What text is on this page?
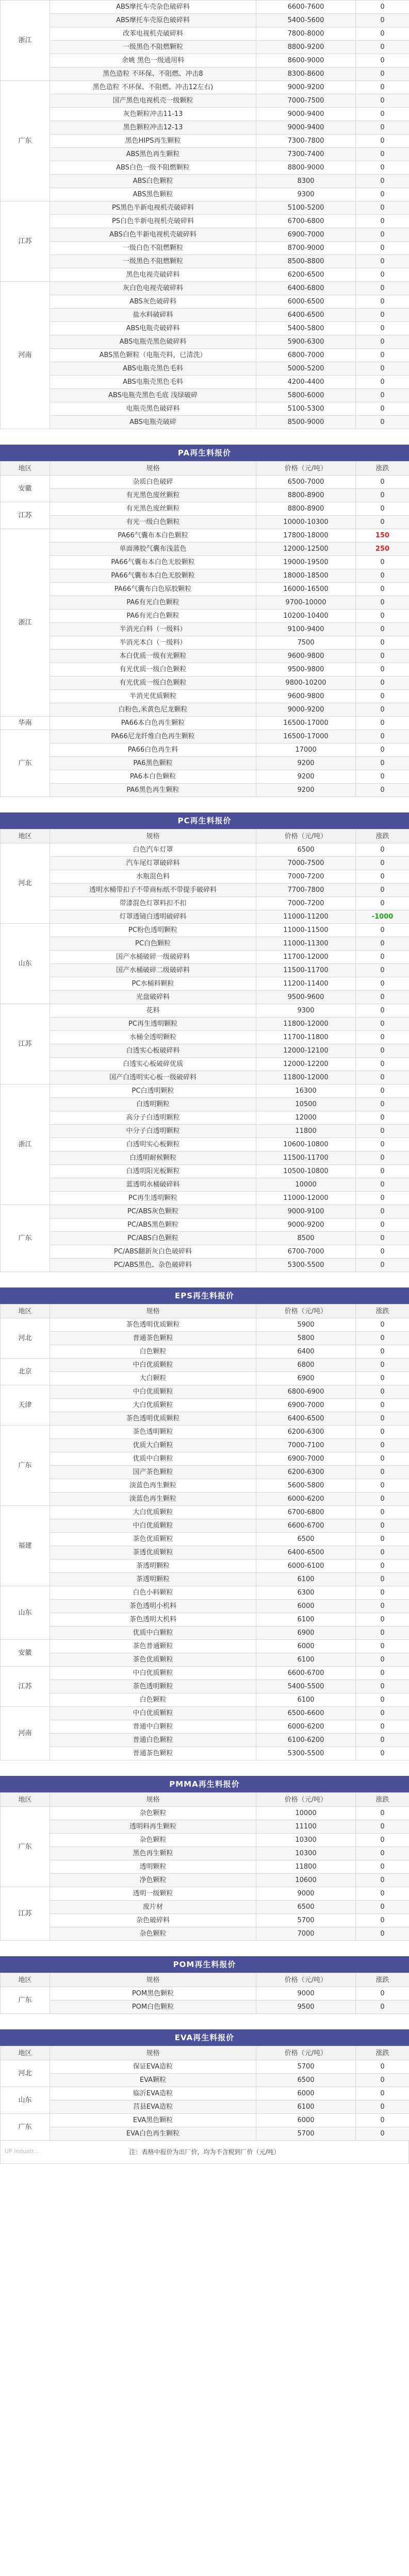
浙江	ABS摩托车壳杂色破碎料	6600-7600	0
	ABS摩托车壳原色破碎料	5400-5600	0
	改苯电视机壳破碎料	7800-8000	0
	一级黑色不阻燃颗粒	8800-9200	0
	余姚 黑色一级通用料	8600-9000	0
	黑色造粒 不环保、不阻燃、冲击8	8300-8600	0
广东	黑色造粒 不环保、不阻燃、冲击12左右)	9000-9200	0
	国产黑色电视机壳一级颗粒	7000-7500	0
	灰色颗粒冲击11-13	9000-9400	0
	黑色颗粒冲击12-13	9000-9400	0
	黑色HIPS再生颗粒	7300-7800	0
	ABS黑色再生颗粒	7300-7400	0
	ABS白色一级不阻燃颗粒	8800-9000	0
	ABS白色颗粒	8300	0
	ABS黑色颗粒	9300	0
江苏	PS黑色半新电视机壳破碎料	5100-5200	0
	PS白色半新电视机壳破碎料	6700-6800	0
	ABS白色半新电视机壳破碎料	6900-7000	0
	一级白色不阻燃颗粒	8700-9000	0
	一级黑色不阻燃颗粒	8500-8800	0
	黑色电视壳破碎料	6200-6500	0
河南	灰白色电视壳破碎料	6400-6800	0
	ABS灰色破碎料	6000-6500	0
	盐水料破碎料	6400-6500	0
	ABS电瓶壳破碎料	5400-5800	0
	ABS电瓶壳黑色破碎料	5900-6300	0
	ABS黑色颗粒（电瓶壳料，已清洗）	6800-7000	0
	ABS电瓶壳黑色毛料	5000-5200	0
	ABS电瓶壳黑色毛料	4200-4400	0
	ABS电瓶壳黑色毛底 浅绿破碎	5800-6000	0
	电瓶壳黑色破碎料	5100-5300	0
	ABS电瓶壳破碎	8500-9000	0
PA再生料报价
地区	规格	价格（元/吨）	涨跌
安徽	杂质白色破碎	6500-7000	0
	有光黑色废丝颗粒	8800-8900	0
江苏	有光黑色废丝颗粒	8800-8900	0
	有光一级白色颗粒	10000-10300	0
浙江	PA66气囊布本白色颗粒	17800-18000	150
	单面薄胶气囊布浅蓝色	12000-12500	250
	PA66气囊布本白色无胶颗粒	19000-19500	0
	PA66气囊布本白色无胶颗粒	18000-18500	0
	PA66气囊布白色原胶颗粒	16000-16500	0
	PA6有光白色颗粒	9700-10000	0
	PA6有光白色颗粒	10200-10400	0
	半消光白料（一级料）	9100-9400	0
	半消光本白（一级料）	7500	0
	本白优质一级有光颗粒	9600-9800	0
	有光优质一级白色颗粒	9500-9800	0
	有光优质一级白色颗粒	9800-10200	0
	半消光优质颗粒	9600-9800	0
	白粉色,米黄色尼龙颗粒	9000-9200	0
华南	PA66本白色再生颗粒	16500-17000	0
广东	PA66尼龙纤维白色再生颗粒	16500-17000	0
	PA66白色再生料	17000	0
	PA6黑色颗粒	9200	0
	PA6本白色颗粒	9200	0
	PA6黑色再生颗粒	9200	0
PC再生料报价
地区	规格	价格（元/吨）	涨跌
河北	白色汽车灯罩	6500	0
	汽车尾灯罩破碎料	7000-7500	0
	水瓶混色料	7000-7200	0
	透明水桶带扣子不带商标纸不带提手破碎料	7700-7800	0
	带漆混色灯罩料扣不扣	7000-7200	0
	灯罩透镜白透明破碎料	11000-11200	-1000
山东	PC粉色透明颗粒	11000-11500	0
	PC白色颗粒	11000-11300	0
	国产水桶破碎一级破碎料	11700-12000	0
	国产水桶破碎二级破碎料	11500-11700	0
	PC水桶料颗粒	11200-11400	0
	光盘破碎料	9500-9600	0
江苏	花料	9300	0
	PC再生透明颗粒	11800-12000	0
	水桶全透明颗粒	11700-11800	0
	白透实心板破碎料	12000-12100	0
	白透实心板破碎优质	12000-12200	0
	国产白透明实心板一级破碎料	11800-12000	0
浙江	PC白透明颗粒	16300	0
	白透明颗粒	10500	0
	高分子白透明颗粒	12000	0
	中分子白透明颗粒	11800	0
	白透明实心板颗粒	10600-10800	0
	白透明耐候颗粒	11500-11700	0
	白透明阳光板颗粒	10500-10800	0
	蓝透明水桶破碎料	10000	0
	PC再生透明颗粒	11000-12000	0
广东	PC/ABS灰色颗粒	9000-9100	0
	PC/ABS黑色颗粒	9000-9200	0
	PC/ABS白色颗粒	8500	0
	PC/ABS翻新灰白色破碎料	6700-7000	0
	PC/ABS黑色、杂色破碎料	5300-5500	0
EPS再生料报价
地区	规格	价格（元/吨）	涨跌
河北	茶色透明优质颗粒	5900	0
	普通茶色颗粒	5800	0
	白色颗粒	6400	0
北京	中白优质颗粒	6800	0
	大白颗粒	6900	0
天津	中白优质颗粒	6800-6900	0
	大白优质颗粒	6900-7000	0
	茶色透明优质颗粒	6400-6500	0
广东	茶色透明颗粒	6200-6300	0
	优质大白颗粒	7000-7100	0
	优质中白颗粒	6900-7000	0
	国产茶色颗粒	6200-6300	0
	淡蓝色再生颗粒	5600-5800	0
	淡蓝色再生颗粒	6000-6200	0
福建	大白优质颗粒	6700-6800	0
	中白优质颗粒	6600-6700	0
	茶色优质颗粒	6500	0
	茶透优质颗粒	6400-6500	0
	茶透明颗粒	6000-6100	0
	茶透明颗粒	6100	0
山东	白色小料颗粒	6300	0
	茶色透明小机料	6000	0
	茶色透明大机料	6100	0
	优质中白颗粒	6900	0
安徽	茶色普通颗粒	6000	0
	茶色优质颗粒	6100	0
江苏	中白优质颗粒	6600-6700	0
	茶色透明颗粒	5400-5500	0
	白色颗粒	6100	0
河南	中白优质颗粒	6500-6600	0
	普通中白颗粒	6000-6200	0
	普通白色颗粒	6100-6200	0
	普通茶色颗粒	5300-5500	0
PMMA再生料报价
地区	规格	价格（元/吨）	涨跌
广东	杂色颗粒	10000	0
	透明料再生颗粒	11100	0
	杂色颗粒	10300	0
	黑色再生颗粒	10300	0
	透明颗粒	11800	0
	净色颗粒	10600	0
江苏	透明一级颗粒	9000	0
	废片材	6500	0
	杂色破碎料	5700	0
	杂色颗粒	7000	0
POM再生料报价
地区	规格	价格（元/吨）	涨跌
广东	POM黑色颗粒	9000	0
	POM白色颗粒	9500	0
EVA再生料报价
地区	规格	价格（元/吨）	涨跌
河北	保证EVA造粒	5700	0
	EVA颗粒	6500	0
山东	临沂EVA造粒	6000	0
	莒县EVA造粒	6100	0
广东	EVA黑色颗粒	6000	0
	EVA白色再生颗粒	5700	0
UP Industr...	注：表格中报价为出厂价，均为不含税到厂价（元/吨）
